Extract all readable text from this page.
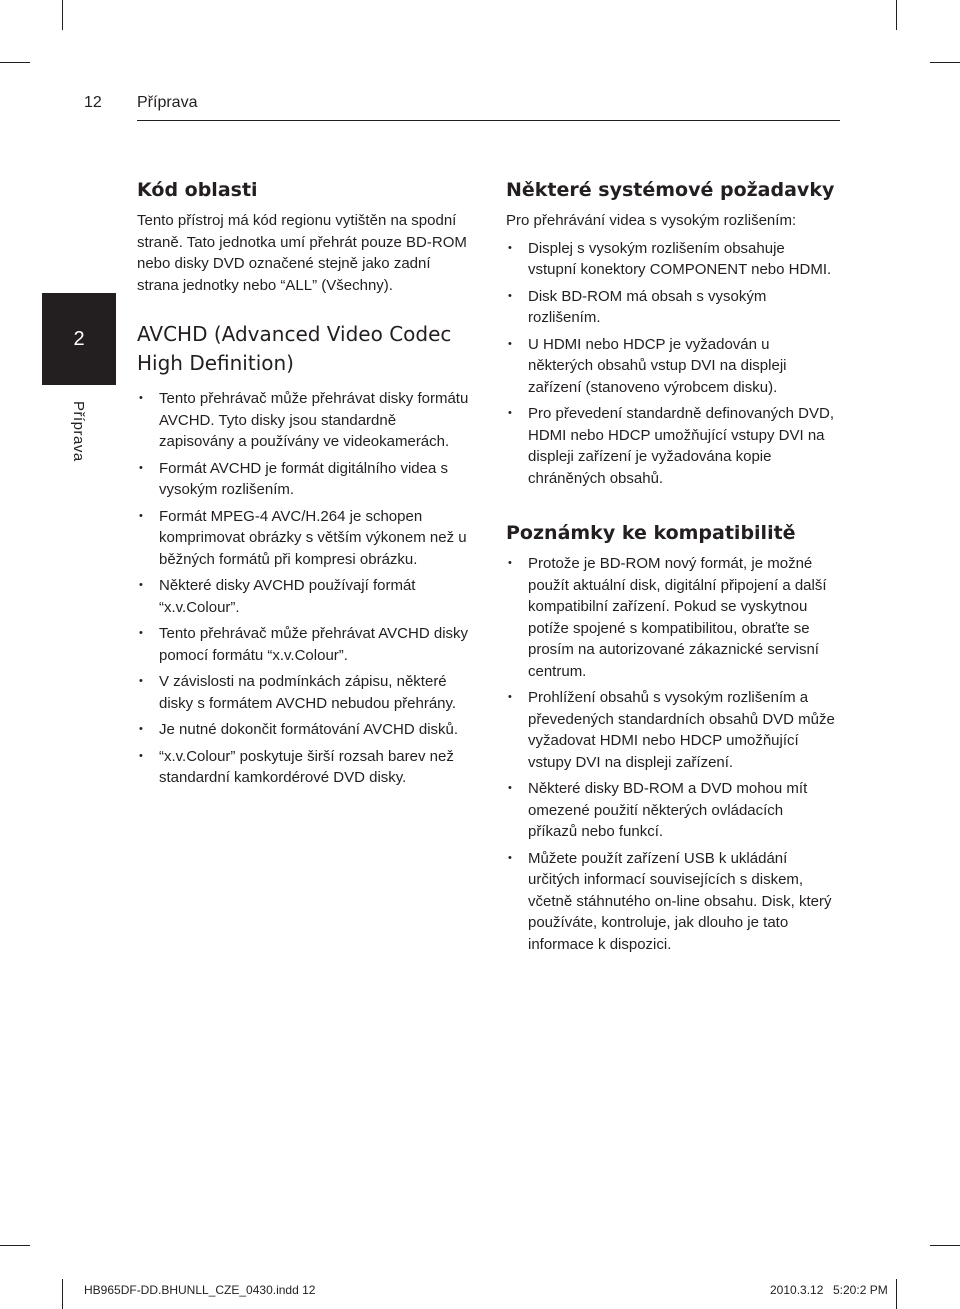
12 Příprava
2
Příprava
Kód oblasti

Tento přístroj má kód regionu vytištěn na spodní straně. Tato jednotka umí přehrát pouze BD-ROM nebo disky DVD označené stejně jako zadní strana jednotky nebo “ALL” (Všechny).

AVCHD (Advanced Video Codec High Definition)
• Tento přehrávač může přehrávat disky formátu AVCHD. Tyto disky jsou standardně zapisovány a používány ve videokamerách.
• Formát AVCHD je formát digitálního videa s vysokým rozlišením.
• Formát MPEG-4 AVC/H.264 je schopen komprimovat obrázky s větším výkonem než u běžných formátů při kompresi obrázku.
• Některé disky AVCHD používají formát “x.v.Colour”.
• Tento přehrávač může přehrávat AVCHD disky pomocí formátu “x.v.Colour”.
• V závislosti na podmínkách zápisu, některé disky s formátem AVCHD nebudou přehrány.
• Je nutné dokončit formátování AVCHD disků.
• “x.v.Colour” poskytuje širší rozsah barev než standardní kamkordérové DVD disky.
Některé systémové požadavky

Pro přehrávání videa s vysokým rozlišením:

• Displej s vysokým rozlišením obsahuje vstupní konektory COMPONENT nebo HDMI.
• Disk BD-ROM má obsah s vysokým rozlišením.
• U HDMI nebo HDCP je vyžadován u některých obsahů vstup DVI na displeji zařízení (stanoveno výrobcem disku).
• Pro převedení standardně definovaných DVD, HDMI nebo HDCP umožňující vstupy DVI na displeji zařízení je vyžadována kopie chráněných obsahů.
Poznámky ke kompatibilitě
• Protože je BD-ROM nový formát, je možné použít aktuální disk, digitální připojení a další kompatibilní zařízení. Pokud se vyskytnou potíže spojené s kompatibilitou, obraťte se prosím na autorizované zákaznické servisní centrum.
• Prohlížení obsahů s vysokým rozlišením a převedených standardních obsahů DVD může vyžadovat HDMI nebo HDCP umožňující vstupy DVI na displeji zařízení.
• Některé disky BD-ROM a DVD mohou mít omezené použití některých ovládacích příkazů nebo funkcí.
• Můžete použít zařízení USB k ukládání určitých informací souvisejících s diskem, včetně stáhnutého on-line obsahu. Disk, který používáte, kontroluje, jak dlouho je tato informace k dispozici.
HB965DF-DD.BHUNLL_CZE_0430.indd 12	2010.3.12 5:20:2 PM
